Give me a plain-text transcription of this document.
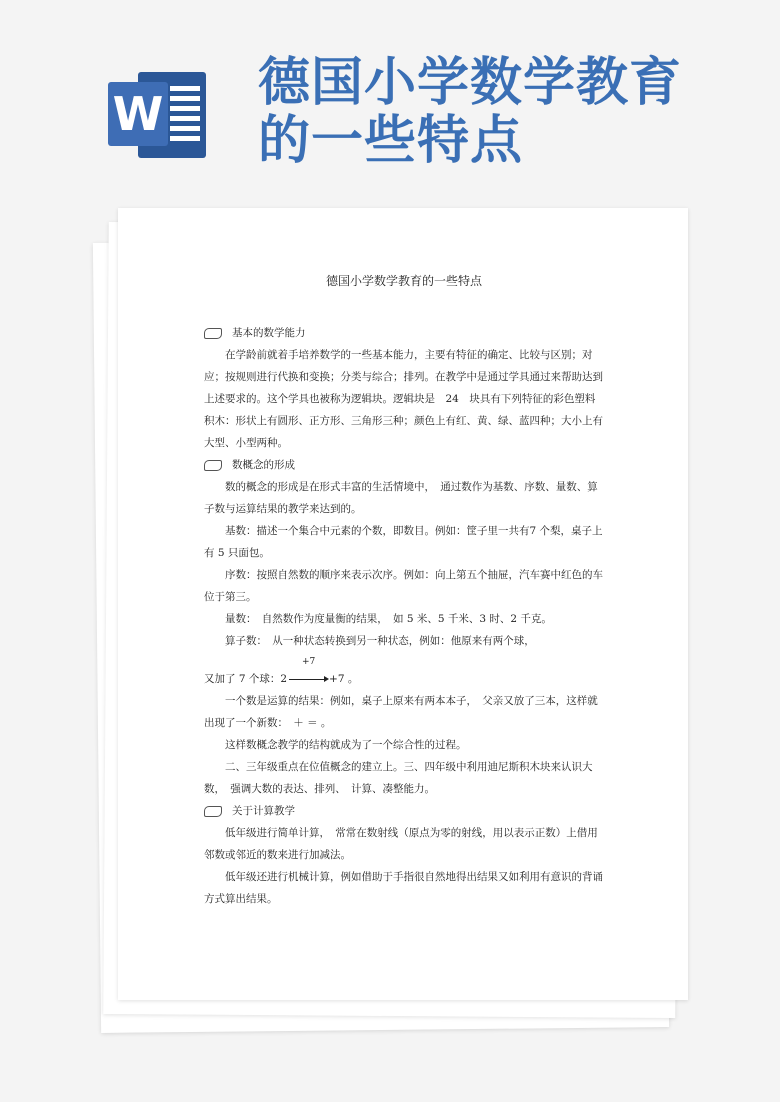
W

德国小学数学教育

的一些特点

德国小学数学教育的一些特点

基本的数学能力

在学龄前就着手培养数学的一些基本能力，主要有特征的确定、比较与区别；对应；按规则进行代换和变换；分类与综合；排列。在教学中是通过学具通过来帮助达到上述要求的。这个学具也被称为逻辑块。逻辑块是　24　块具有下列特征的彩色塑料积木：形状上有圆形、正方形、三角形三种；颜色上有红、黄、绿、蓝四种；大小上有大型、小型两种。

数概念的形成

数的概念的形成是在形式丰富的生活情境中，　通过数作为基数、序数、量数、算子数与运算结果的教学来达到的。

基数：描述一个集合中元素的个数，即数目。例如：筐子里一共有7 个梨，桌子上有 5 只面包。

序数：按照自然数的顺序来表示次序。例如：向上第五个抽屉，汽车赛中红色的车位于第三。

量数：　自然数作为度量衡的结果，　如 5 米、5 千米、3 时、2 千克。

算子数：　从一种状态转换到另一种状态，例如：他原来有两个球，

+7

又加了 7 个球：2	+7 。

一个数是运算的结果：例如，桌子上原来有两本本子，　父亲又放了三本，这样就出现了一个新数：　＋ ＝ 。

这样数概念教学的结构就成为了一个综合性的过程。

二、三年级重点在位值概念的建立上。三、四年级中利用迪尼斯积木块来认识大数，　强调大数的表达、排列、　计算、凑整能力。

关于计算教学

低年级进行简单计算，　常常在数射线（原点为零的射线，用以表示正数）上借用邻数或邻近的数来进行加减法。

低年级还进行机械计算，例如借助于手指很自然地得出结果又如利用有意识的背诵方式算出结果。
